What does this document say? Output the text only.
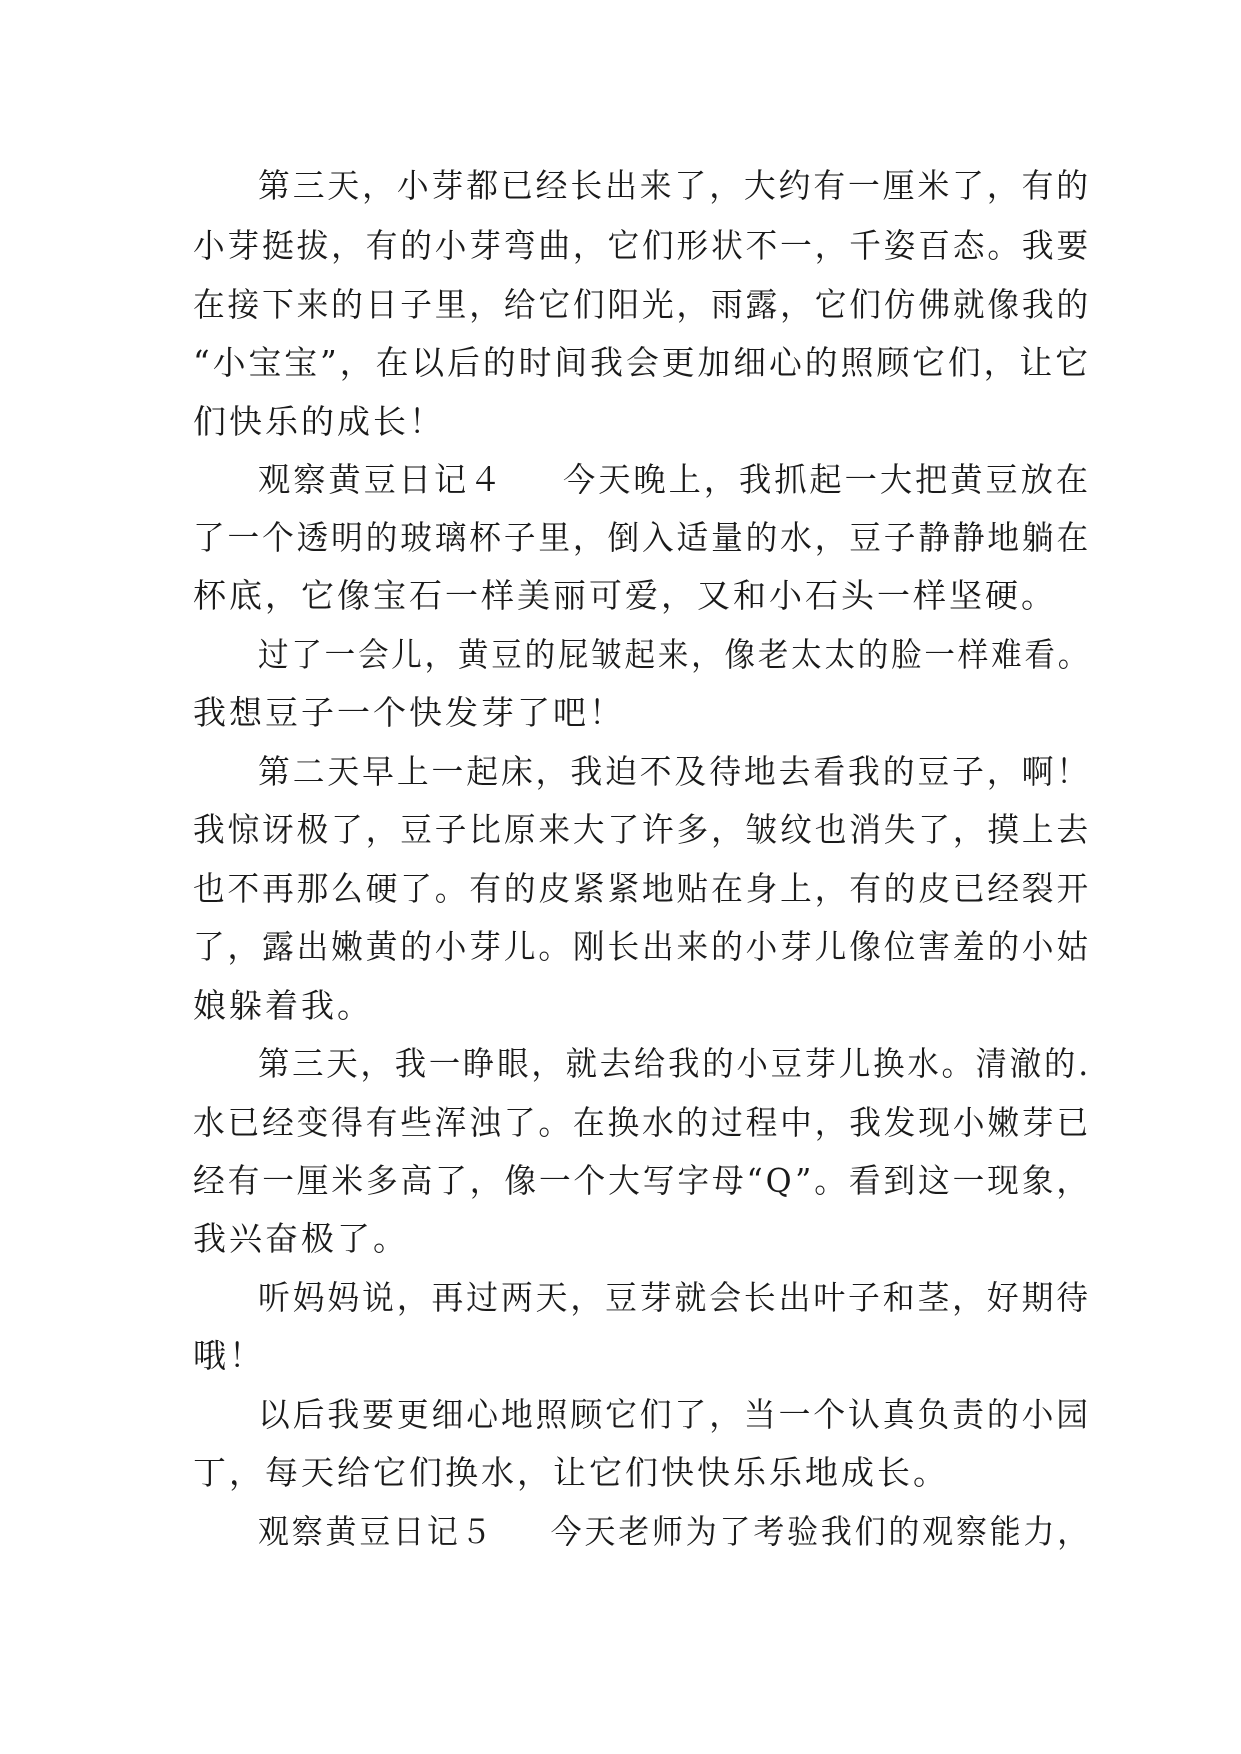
第三天，小芽都已经长出来了，大约有一厘米了，有的
小芽挺拔，有的小芽弯曲，它们形状不一，千姿百态。我要
在接下来的日子里，给它们阳光，雨露，它们仿佛就像我的
“小宝宝”，在以后的时间我会更加细心的照顾它们，让它
们快乐的成长！
观察黄豆日记４ 今天晚上，我抓起一大把黄豆放在
了一个透明的玻璃杯子里，倒入适量的水，豆子静静地躺在
杯底，它像宝石一样美丽可爱，又和小石头一样坚硬。
过了一会儿，黄豆的屁皱起来，像老太太的脸一样难看。
我想豆子一个快发芽了吧！
第二天早上一起床，我迫不及待地去看我的豆子，啊！
我惊讶极了，豆子比原来大了许多，皱纹也消失了，摸上去
也不再那么硬了。有的皮紧紧地贴在身上，有的皮已经裂开
了，露出嫩黄的小芽儿。刚长出来的小芽儿像位害羞的小姑
娘躲着我。
第三天，我一睁眼，就去给我的小豆芽儿换水。清澈的.
水已经变得有些浑浊了。在换水的过程中，我发现小嫩芽已
经有一厘米多高了，像一个大写字母“Q”。看到这一现象，
我兴奋极了。
听妈妈说，再过两天，豆芽就会长出叶子和茎，好期待
哦！
以后我要更细心地照顾它们了，当一个认真负责的小园
丁，每天给它们换水，让它们快快乐乐地成长。
观察黄豆日记５ 今天老师为了考验我们的观察能力，
